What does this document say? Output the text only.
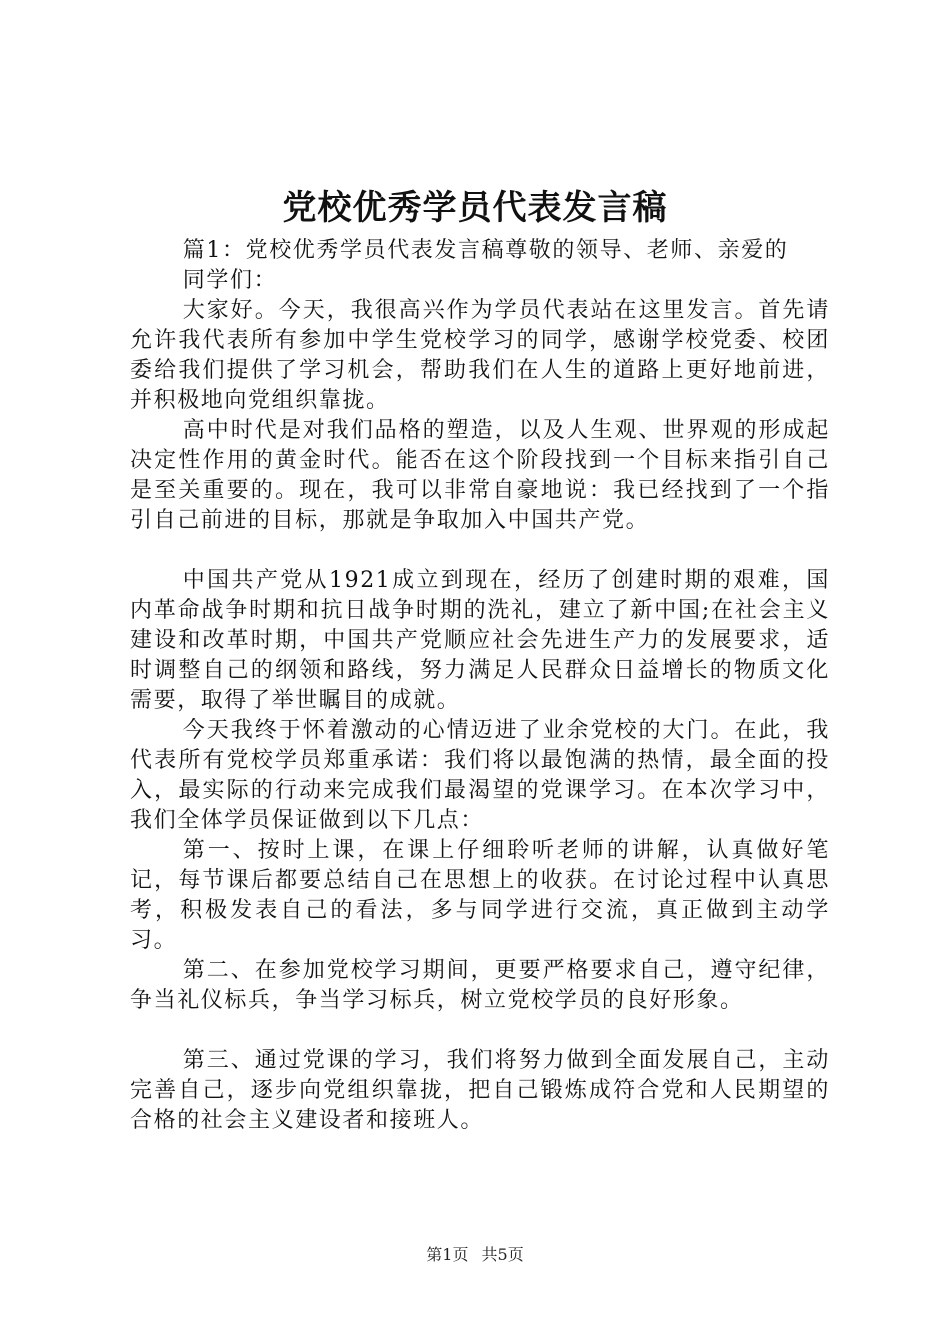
党校优秀学员代表发言稿

篇1：党校优秀学员代表发言稿尊敬的领导、老师、亲爱的

同学们：

大家好。今天，我很高兴作为学员代表站在这里发言。首先请允许我代表所有参加中学生党校学习的同学，感谢学校党委、校团委给我们提供了学习机会，帮助我们在人生的道路上更好地前进，并积极地向党组织靠拢。

高中时代是对我们品格的塑造，以及人生观、世界观的形成起决定性作用的黄金时代。能否在这个阶段找到一个目标来指引自己是至关重要的。现在，我可以非常自豪地说：我已经找到了一个指引自己前进的目标，那就是争取加入中国共产党。

中国共产党从1921成立到现在，经历了创建时期的艰难，国内革命战争时期和抗日战争时期的洗礼，建立了新中国;在社会主义建设和改革时期，中国共产党顺应社会先进生产力的发展要求，适时调整自己的纲领和路线，努力满足人民群众日益增长的物质文化需要，取得了举世瞩目的成就。

今天我终于怀着激动的心情迈进了业余党校的大门。在此，我代表所有党校学员郑重承诺：我们将以最饱满的热情，最全面的投入，最实际的行动来完成我们最渴望的党课学习。在本次学习中，我们全体学员保证做到以下几点：

第一、按时上课，在课上仔细聆听老师的讲解，认真做好笔记，每节课后都要总结自己在思想上的收获。在讨论过程中认真思考，积极发表自己的看法，多与同学进行交流，真正做到主动学习。

第二、在参加党校学习期间，更要严格要求自己，遵守纪律，争当礼仪标兵，争当学习标兵，树立党校学员的良好形象。

第三、通过党课的学习，我们将努力做到全面发展自己，主动完善自己，逐步向党组织靠拢，把自己锻炼成符合党和人民期望的合格的社会主义建设者和接班人。

第1页 共5页
